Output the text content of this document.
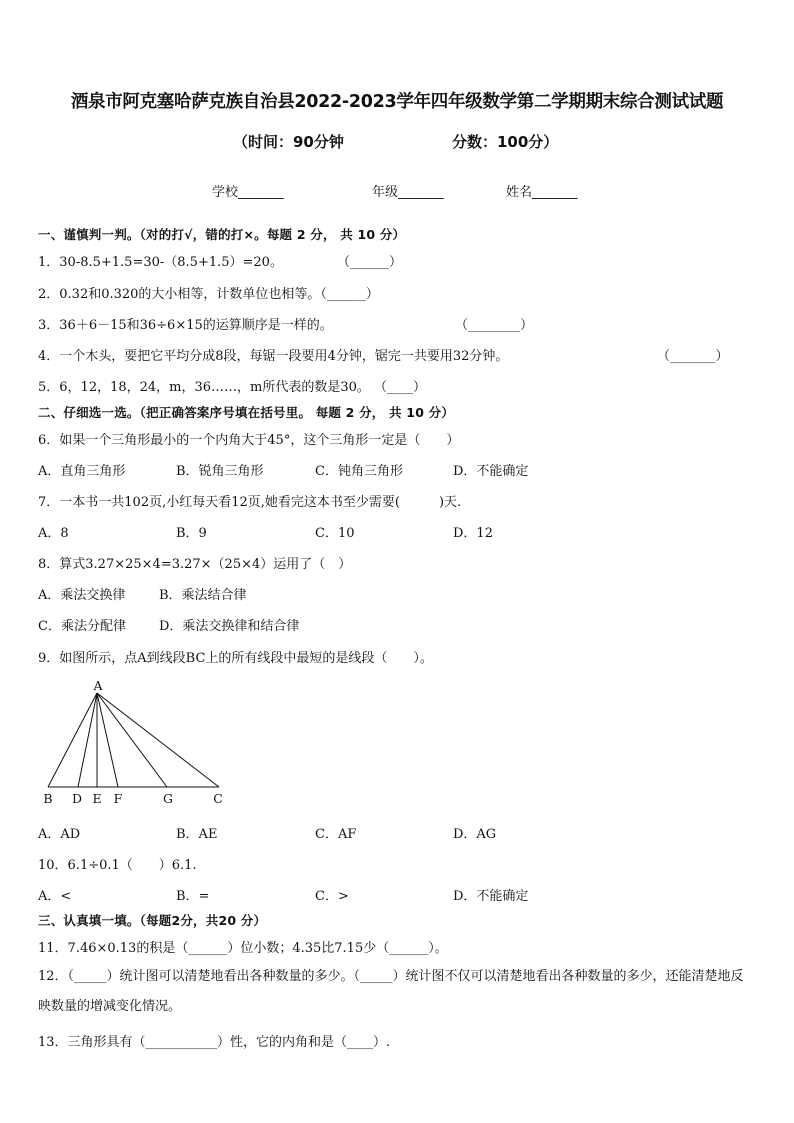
酒泉市阿克塞哈萨克族自治县2022-2023学年四年级数学第二学期期末综合测试试题
（时间：90分钟	分数：100分）
学校_______	年级_______	姓名_______
一、谨慎判一判。（对的打√，错的打×。每题 2 分， 共 10 分）
1．30-8.5+1.5=30-（8.5+1.5）=20。	（______）
2．0.32和0.320的大小相等，计数单位也相等。（______）
3．36＋6－15和36÷6×15的运算顺序是一样的。	（________）
4．一个木头，要把它平均分成8段，每锯一段要用4分钟，锯完一共要用32分钟。	（_______）
5．6，12，18，24，m，36……，m所代表的数是30。 （____）
二、仔细选一选。（把正确答案序号填在括号里。 每题 2 分， 共 10 分）
6．如果一个三角形最小的一个内角大于45°，这个三角形一定是（　　）
A．直角三角形	B．锐角三角形	C．钝角三角形	D．不能确定
7．一本书一共102页,小红每天看12页,她看完这本书至少需要(　　　)天.
A．8	B．9	C．10	D．12
8．算式3.27×25×4=3.27×（25×4）运用了（　）
A．乘法交换律	B．乘法结合律
C．乘法分配律	D．乘法交换律和结合律
9．如图所示，点A到线段BC上的所有线段中最短的是线段（　　）。
A
B D E F	G	C
A．AD	B．AE	C．AF	D．AG
10．6.1÷0.1（　　）6.1.
A．<	B．=	C．>	D．不能确定
三、认真填一填。（每题2分，共20 分）
11．7.46×0.13的积是（______）位小数；4.35比7.15少（______）。
12．（_____）统计图可以清楚地看出各种数量的多少。（_____）统计图不仅可以清楚地看出各种数量的多少，还能清楚地反映数量的增减变化情况。
13．三角形具有（___________）性，它的内角和是（____）.
